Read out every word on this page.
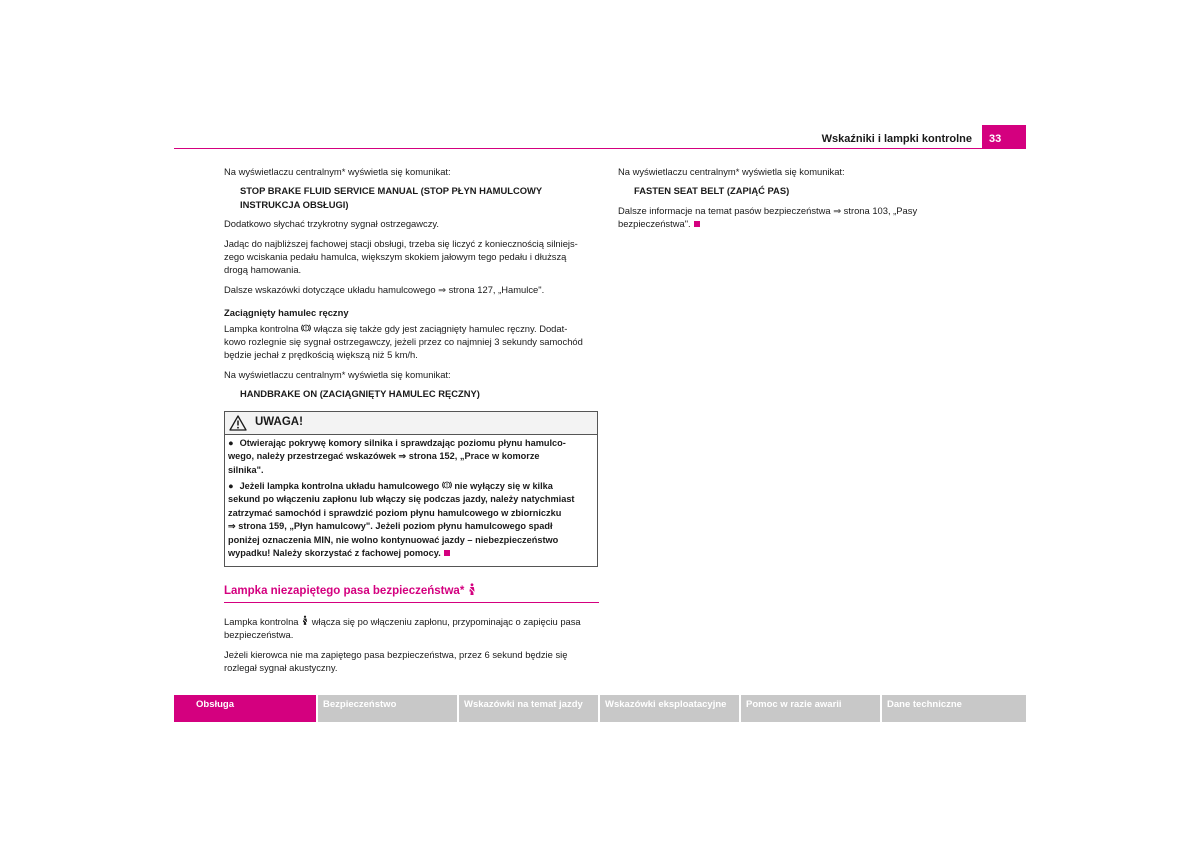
Wskaźniki i lampki kontrolne	33

Na wyświetlaczu centralnym* wyświetla się komunikat:

STOP BRAKE FLUID SERVICE MANUAL (STOP PŁYN HAMULCOWY
INSTRUKCJA OBSŁUGI)

Dodatkowo słychać trzykrotny sygnał ostrzegawczy.

Jadąc do najbliższej fachowej stacji obsługi, trzeba się liczyć z koniecznością silniejs-
zego wciskania pedału hamulca, większym skokiem jałowym tego pedału i dłuższą
drogą hamowania.

Dalsze wskazówki dotyczące układu hamulcowego ⇒ strona 127, „Hamulce".

Zaciągnięty hamulec ręczny

Lampka kontrolna włącza się także gdy jest zaciągnięty hamulec ręczny. Dodat-
kowo rozlegnie się sygnał ostrzegawczy, jeżeli przez co najmniej 3 sekundy samochód
będzie jechał z prędkością większą niż 5 km/h.

Na wyświetlaczu centralnym* wyświetla się komunikat:

HANDBRAKE ON (ZACIĄGNIĘTY HAMULEC RĘCZNY)
UWAGA!

● Otwierając pokrywę komory silnika i sprawdzając poziomu płynu hamulco-
wego, należy przestrzegać wskazówek ⇒ strona 152, „Prace w komorze
silnika".

● Jeżeli lampka kontrolna układu hamulcowego nie wyłączy się w kilka
sekund po włączeniu zapłonu lub włączy się podczas jazdy, należy natychmiast
zatrzymać samochód i sprawdzić poziom płynu hamulcowego w zbiorniczku
⇒ strona 159, „Płyn hamulcowy". Jeżeli poziom płynu hamulcowego spadł
poniżej oznaczenia MIN, nie wolno kontynuować jazdy – niebezpieczeństwo
wypadku! Należy skorzystać z fachowej pomocy.

Lampka niezapiętego pasa bezpieczeństwa*

Lampka kontrolna włącza się po włączeniu zapłonu, przypominając o zapięciu pasa
bezpieczeństwa.

Jeżeli kierowca nie ma zapiętego pasa bezpieczeństwa, przez 6 sekund będzie się
rozlegał sygnał akustyczny.

Na wyświetlaczu centralnym* wyświetla się komunikat:

FASTEN SEAT BELT (ZAPIĄĆ PAS)

Dalsze informacje na temat pasów bezpieczeństwa ⇒ strona 103, „Pasy
bezpieczeństwa".

Obsługa	Bezpieczeństwo	Wskazówki na temat jazdy	Wskazówki eksploatacyjne	Pomoc w razie awarii	Dane techniczne
